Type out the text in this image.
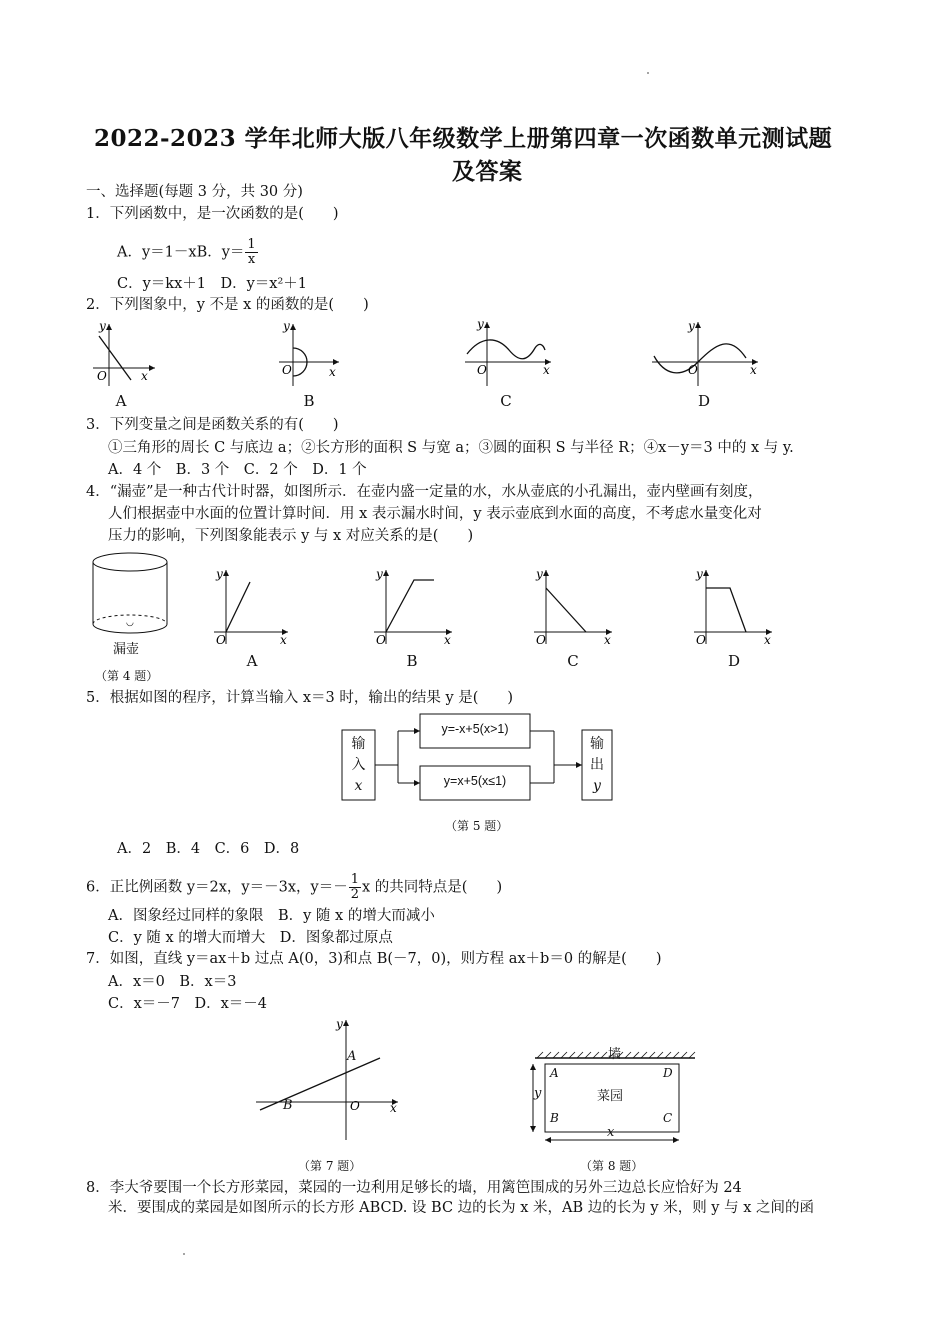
2022-2023 学年北师大版八年级数学上册第四章一次函数单元测试题
及答案
一、选择题(每题 3 分，共 30 分)
1．下列函数中，是一次函数的是(　　)
A．y＝1－xB．$y= \frac{1}{x}$
C．y＝kx＋1　D．y＝x²＋1
2．下列图象中，y 不是 x 的函数的是(　　)
y
O	x
y
O	x
y
O	x
y
O	x
A	B	C	D
3．下列变量之间是函数关系的有(　　)
①三角形的周长 C 与底边 a；②长方形的面积 S 与宽 a；③圆的面积 S 与半径 R；④x－y＝3 中的 x 与 y.
A．4 个　B．3 个　C．2 个　D．1 个
4．“漏壶”是一种古代计时器，如图所示．在壶内盛一定量的水，水从壶底的小孔漏出，壶内壁画有刻度，
人们根据壶中水面的位置计算时间．用 x 表示漏水时间，y 表示壶底到水面的高度，不考虑水量变化对
压力的影响，下列图象能表示 y 与 x 对应关系的是(　　)
◡
y
O	x
y
O	x
y
O	x
y
O	x
漏壶
（第 4 题）
A	B	C	D
5．根据如图的程序，计算当输入 x＝3 时，输出的结果 y 是(　　)
输
入
x
输
出
y
y=-x+5(x>1)
y=x+5(x≤1)
（第 5 题）
A．2　B．4　C．6　D．8
6．正比例函数 y＝2x，y＝－3x，$y=- \frac{1}{2}$ x 的共同特点是(　　)
A．图象经过同样的象限　B．y 随 x 的增大而减小
C．y 随 x 的增大而增大　D．图象都过原点
7．如图，直线 y＝ax＋b 过点 A(0，3)和点 B(－7，0)，则方程 ax＋b＝0 的解是(　　)
A．x＝0　B．x＝3
C．x＝－7　D．x＝－4
y
O	x
A
B
（第 7 题）
墙
菜园
A	D
B	C
y
x
（第 8 题）
8．李大爷要围一个长方形菜园，菜园的一边利用足够长的墙，用篱笆围成的另外三边总长应恰好为 24
米．要围成的菜园是如图所示的长方形 ABCD. 设 BC 边的长为 x 米，AB 边的长为 y 米，则 y 与 x 之间的函
